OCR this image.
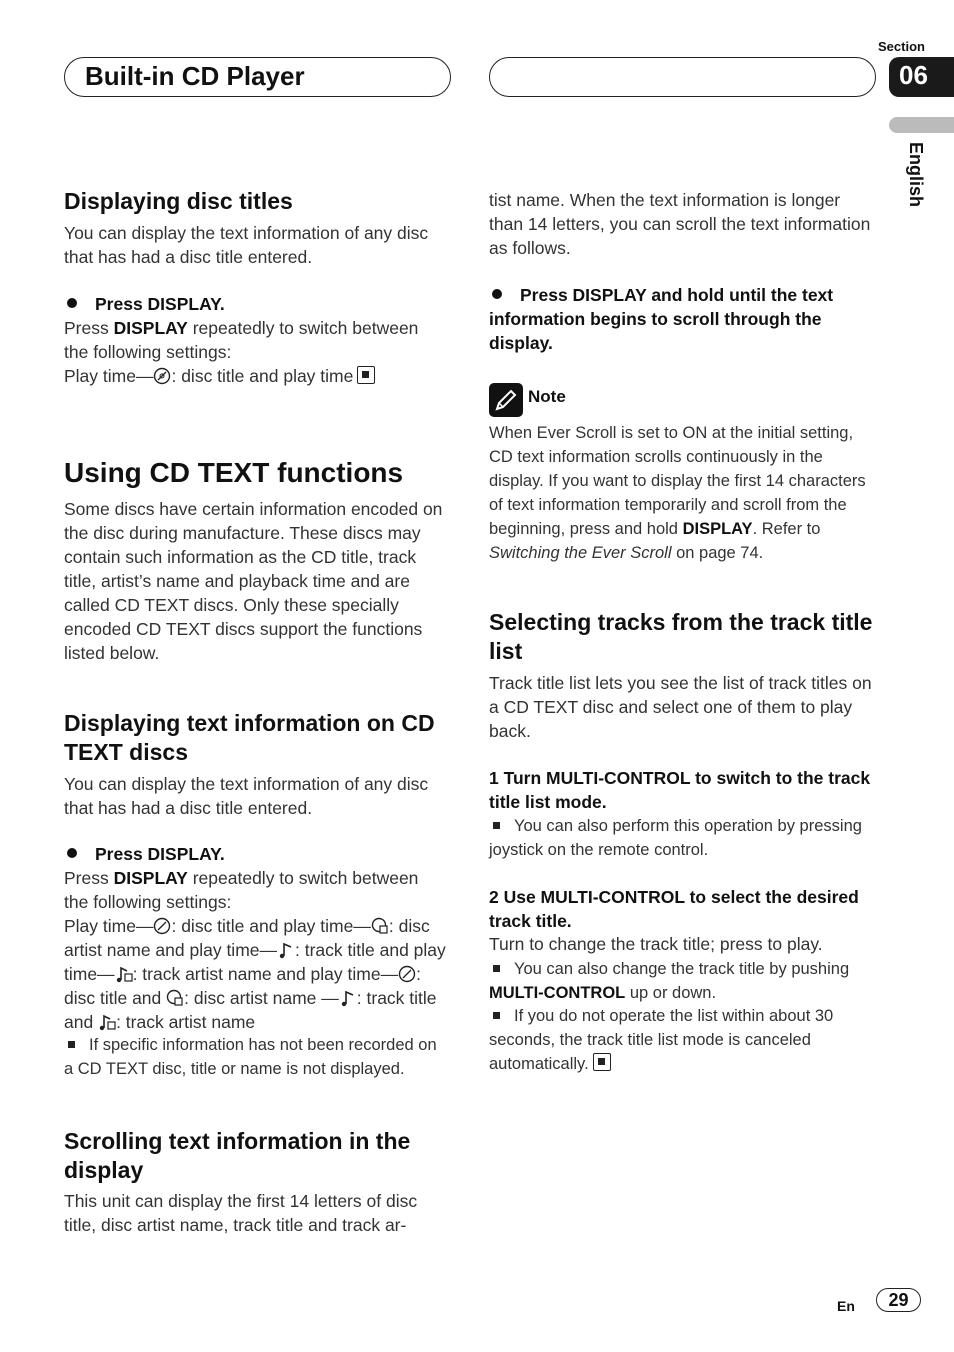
Built-in CD Player
Section
06
English
Displaying disc titles
You can display the text information of any disc that has had a disc title entered.
Press DISPLAY.
Press DISPLAY repeatedly to switch between the following settings:
Play time— : disc title and play time
Using CD TEXT functions
Some discs have certain information encoded on the disc during manufacture. These discs may contain such information as the CD title, track title, artist’s name and playback time and are called CD TEXT discs. Only these specially encoded CD TEXT discs support the functions listed below.
Displaying text information on CD TEXT discs
You can display the text information of any disc that has had a disc title entered.
Press DISPLAY.
Press DISPLAY repeatedly to switch between the following settings:
Play time— : disc title and play time— : disc artist name and play time— : track title and play time— : track artist name and play time— : disc title and : disc artist name — : track title and : track artist name
If specific information has not been recorded on a CD TEXT disc, title or name is not displayed.
Scrolling text information in the display
This unit can display the first 14 letters of disc title, disc artist name, track title and track ar-
tist name. When the text information is longer than 14 letters, you can scroll the text information as follows.
Press DISPLAY and hold until the text information begins to scroll through the display.
Note
When Ever Scroll is set to ON at the initial setting, CD text information scrolls continuously in the display. If you want to display the first 14 characters of text information temporarily and scroll from the beginning, press and hold DISPLAY. Refer to Switching the Ever Scroll on page 74.
Selecting tracks from the track title list
Track title list lets you see the list of track titles on a CD TEXT disc and select one of them to play back.
1 Turn MULTI-CONTROL to switch to the track title list mode.
You can also perform this operation by pressing joystick on the remote control.
2 Use MULTI-CONTROL to select the desired track title.
Turn to change the track title; press to play.
You can also change the track title by pushing MULTI-CONTROL up or down.
If you do not operate the list within about 30 seconds, the track title list mode is canceled automatically.
En	29
